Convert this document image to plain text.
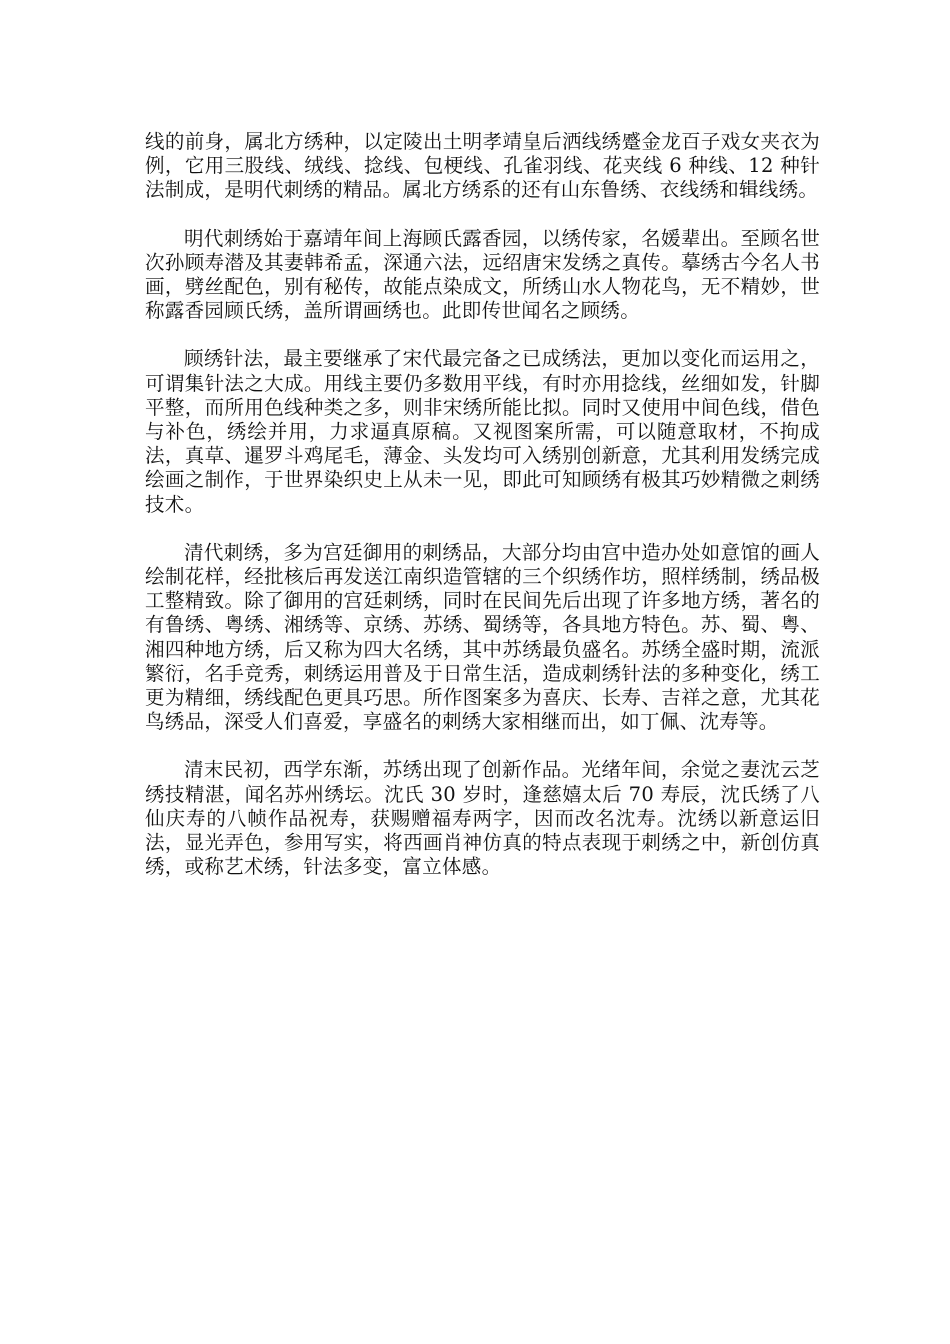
线的前身，属北方绣种，以定陵出土明孝靖皇后洒线绣蹙金龙百子戏女夹衣为例，它用三股线、绒线、捻线、包梗线、孔雀羽线、花夹线 6 种线、12 种针法制成，是明代刺绣的精品。属北方绣系的还有山东鲁绣、衣线绣和辑线绣。

明代刺绣始于嘉靖年间上海顾氏露香园，以绣传家，名媛辈出。至顾名世次孙顾寿潜及其妻韩希孟，深通六法，远绍唐宋发绣之真传。摹绣古今名人书画，劈丝配色，别有秘传，故能点染成文，所绣山水人物花鸟，无不精妙，世称露香园顾氏绣，盖所谓画绣也。此即传世闻名之顾绣。

顾绣针法，最主要继承了宋代最完备之已成绣法，更加以变化而运用之，可谓集针法之大成。用线主要仍多数用平线，有时亦用捻线，丝细如发，针脚平整，而所用色线种类之多，则非宋绣所能比拟。同时又使用中间色线，借色与补色，绣绘并用，力求逼真原稿。又视图案所需，可以随意取材，不拘成法，真草、暹罗斗鸡尾毛，薄金、头发均可入绣别创新意，尤其利用发绣完成绘画之制作，于世界染织史上从未一见，即此可知顾绣有极其巧妙精微之刺绣技术。

清代刺绣，多为宫廷御用的刺绣品，大部分均由宫中造办处如意馆的画人绘制花样，经批核后再发送江南织造管辖的三个织绣作坊，照样绣制，绣品极工整精致。除了御用的宫廷刺绣，同时在民间先后出现了许多地方绣，著名的有鲁绣、粤绣、湘绣等、京绣、苏绣、蜀绣等，各具地方特色。苏、蜀、粤、湘四种地方绣，后又称为四大名绣，其中苏绣最负盛名。苏绣全盛时期，流派繁衍，名手竞秀，刺绣运用普及于日常生活，造成刺绣针法的多种变化，绣工更为精细，绣线配色更具巧思。所作图案多为喜庆、长寿、吉祥之意，尤其花鸟绣品，深受人们喜爱，享盛名的刺绣大家相继而出，如丁佩、沈寿等。

清末民初，西学东渐，苏绣出现了创新作品。光绪年间，余觉之妻沈云芝绣技精湛，闻名苏州绣坛。沈氏 30 岁时，逢慈嬉太后 70 寿辰，沈氏绣了八仙庆寿的八帧作品祝寿，获赐赠福寿两字，因而改名沈寿。沈绣以新意运旧法，显光弄色，参用写实，将西画肖神仿真的特点表现于刺绣之中，新创仿真绣，或称艺术绣，针法多变，富立体感。
